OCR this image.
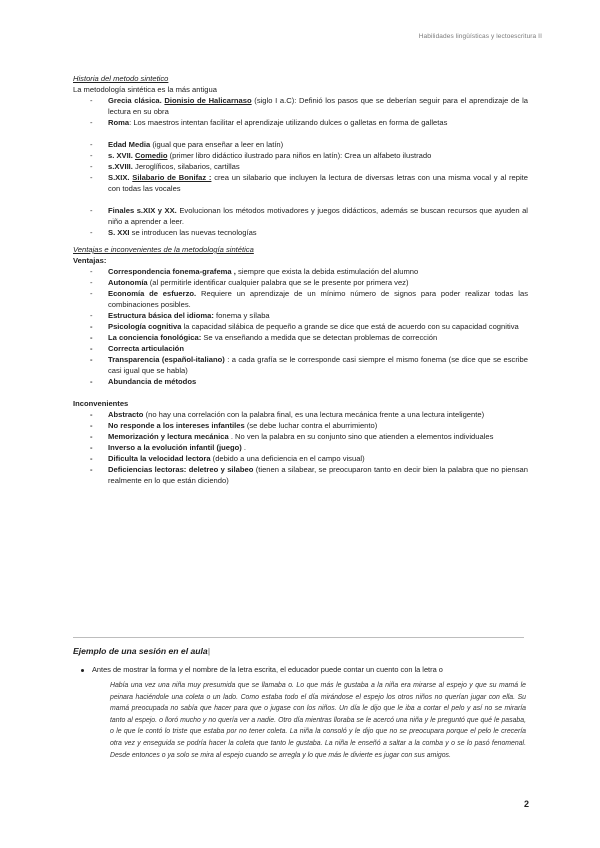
Habilidades lingüísticas y lectoescritura II
Historia del metodo sintetico
La metodología sintética es la más antigua
- Grecia clásica. Dionisio de Halicarnaso (siglo I a.C): Definió los pasos que se deberían seguir para el aprendizaje de la lectura en su obra
- Roma: Los maestros intentan facilitar el aprendizaje utilizando dulces o galletas en forma de galletas
- Edad Media (igual que para enseñar a leer en latín)
- s. XVII. Comedio (primer libro didáctico ilustrado para niños en latín): Crea un alfabeto ilustrado
- s.XVIII. Jeroglíficos, silabarios, cartillas
- S.XIX. Silabario de Bonifaz : crea un silabario que incluyen la lectura de diversas letras con una misma vocal y al repite con todas las vocales
- Finales s.XIX y XX. Evolucionan los métodos motivadores y juegos didácticos, además se buscan recursos que ayuden al niño a aprender a leer.
- S. XXI se introducen las nuevas tecnologías
Ventajas e inconvenientes de la metodología sintética
Ventajas:
- Correspondencia fonema-grafema , siempre que exista la debida estimulación del alumno
- Autonomía (al permitirle identificar cualquier palabra que se le presente por primera vez)
- Economía de esfuerzo. Requiere un aprendizaje de un mínimo número de signos para poder realizar todas las combinaciones posibles.
- Estructura básica del idioma: fonema y sílaba
- Psicología cognitiva la capacidad silábica de pequeño a grande se dice que está de acuerdo con su capacidad cognitiva
- La conciencia fonológica: Se va enseñando a medida que se detectan problemas de corrección
- Correcta articulación
- Transparencia (español-italiano) : a cada grafía se le corresponde casi siempre el mismo fonema (se dice que se escribe casi igual que se habla)
- Abundancia de métodos
Inconvenientes
- Abstracto (no hay una correlación con la palabra final, es una lectura mecánica frente a una lectura inteligente)
- No responde a los intereses infantiles (se debe luchar contra el aburrimiento)
- Memorización y lectura mecánica . No ven la palabra en su conjunto sino que atienden a elementos individuales
- Inverso a la evolución infantil (juego) .
- Dificulta la velocidad lectora (debido a una deficiencia en el campo visual)
- Deficiencias lectoras: deletreo y silabeo (tienen a silabear, se preocuparon tanto en decir bien la palabra que no piensan realmente en lo que están diciendo)
Ejemplo de una sesión en el aula|
Antes de mostrar la forma y el nombre de la letra escrita, el educador puede contar un cuento con la letra o
Había una vez una niña muy presumida que se llamaba o. Lo que más le gustaba a la niña era mirarse al espejo y que su mamá le peinara haciéndole una coleta o un lado. Como estaba todo el día mirándose el espejo los otros niños no querían jugar con ella. Su mamá preocupada no sabía que hacer para que o jugase con los niños. Un día le dijo que le iba a cortar el pelo y así no se miraría tanto al espejo. o lloró mucho y no quería ver a nadie. Otro día mientras lloraba se le acercó una niña y le preguntó que qué le pasaba, o le que le contó lo triste que estaba por no tener coleta. La niña la consoló y le dijo que no se preocupara porque el pelo le crecería otra vez y enseguida se podría hacer la coleta que tanto le gustaba. La niña le enseñó a saltar a la comba y o se lo pasó fenomenal. Desde entonces o ya solo se mira al espejo cuando se arregla y lo que más le divierte es jugar con sus amigos.
2
